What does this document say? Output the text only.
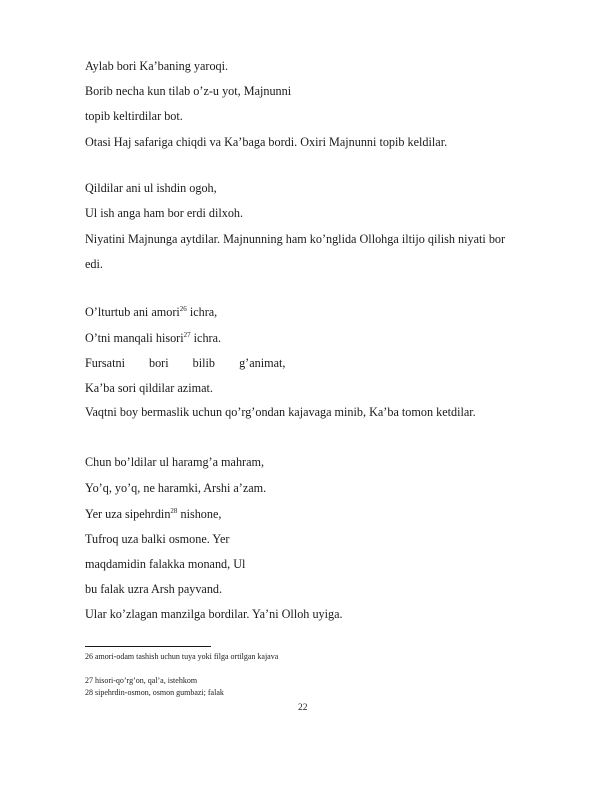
Aylab bori Ka’baning yaroqi.
Borib necha kun tilab o’z-u yot, Majnunni
topib keltirdilar bot.
Otasi Haj safariga chiqdi va Ka’baga bordi. Oxiri Majnunni topib keldilar.
Qildilar ani ul ishdin ogoh,
Ul ish anga ham bor erdi dilxoh.
Niyatini Majnunga aytdilar. Majnunning ham ko’nglida Ollohga iltijo qilish niyati bor
edi.
O’lturtub ani amori$^{26}$ ichra,
O’tni manqali hisori$^{27}$ ichra.
Fursatni bori bilib g’animat,
Ka’ba sori qildilar azimat.
Vaqtni boy bermaslik uchun qo’rg’ondan kajavaga minib, Ka’ba tomon ketdilar.
Chun bo’ldilar ul haramg’a mahram,
Yo’q, yo’q, ne haramki, Arshi a’zam.
Yer uza sipehrdin$^{28}$ nishone,
Tufroq uza balki osmone. Yer
maqdamidin falakka monand, Ul
bu falak uzra Arsh payvand.
Ular ko’zlagan manzilga bordilar. Ya’ni Olloh uyiga.
26 amori-odam tashish uchun tuya yoki filga ortilgan kajava
27 hisori-qo’rg’on, qal’a, istehkom
28 sipehrdin-osmon, osmon gumbazi; falak
22
